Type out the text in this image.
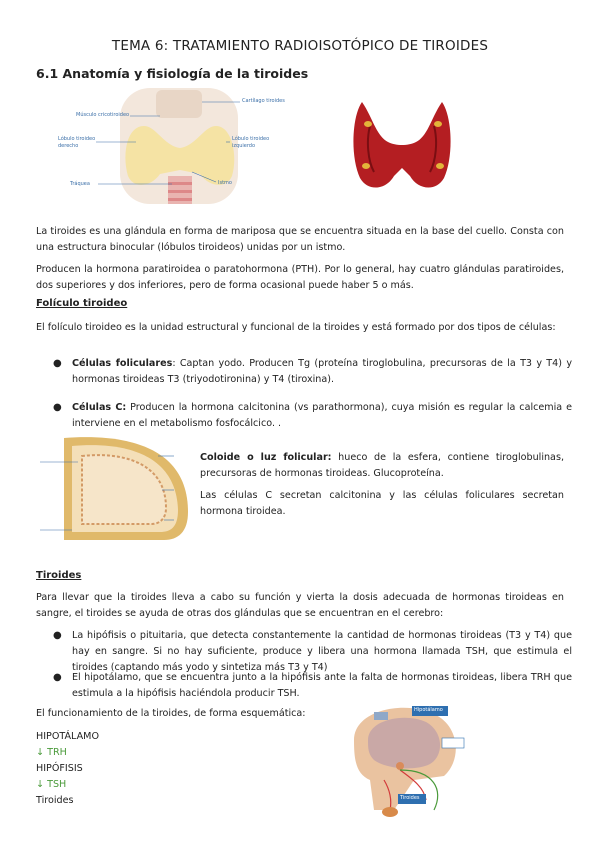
TEMA 6: TRATAMIENTO RADIOISOTÓPICO DE TIROIDES
6.1 Anatomía y fisiología de la tiroides
Cartílago tiroides
Músculo cricotiroideo
Lóbulo tiroideo derecho
Lóbulo tiroideo izquierdo
Tráquea	Istmo
La tiroides es una glándula en forma de mariposa que se encuentra situada en la base del cuello. Consta con una estructura binocular (lóbulos tiroideos) unidas por un istmo.
Producen la hormona paratiroidea o paratohormona (PTH). Por lo general, hay cuatro glándulas paratiroides, dos superiores y dos inferiores, pero de forma ocasional puede haber 5 o más.
Folículo tiroideo
El folículo tiroideo es la unidad estructural y funcional de la tiroides y está formado por dos tipos de células:
● Células foliculares: Captan yodo. Producen Tg (proteína tiroglobulina, precursoras de la T3 y T4) y hormonas tiroideas T3 (triyodotironina) y T4 (tiroxina).
● Células C: Producen la hormona calcitonina (vs parathormona), cuya misión es regular la calcemia e interviene en el metabolismo fosfocálcico. .
Coloide o luz folicular: hueco de la esfera, contiene tiroglobulinas, precursoras de hormonas tiroideas. Glucoproteína.
Las células C secretan calcitonina y las células foliculares secretan hormona tiroidea.
Tiroides
Para llevar que la tiroides lleva a cabo su función y vierta la dosis adecuada de hormonas tiroideas en sangre, el tiroides se ayuda de otras dos glándulas que se encuentran en el cerebro:
● La hipófisis o pituitaria, que detecta constantemente la cantidad de hormonas tiroideas (T3 y T4) que hay en sangre. Si no hay suficiente, produce y libera una hormona llamada TSH, que estimula el tiroides (captando más yodo y sintetiza más T3 y T4)
● El hipotálamo, que se encuentra junto a la hipófisis ante la falta de hormonas tiroideas, libera TRH que estimula a la hipófisis haciéndola producir TSH.
El funcionamiento de la tiroides, de forma esquemática:
HIPOTÁLAMO
↓ TRH
HIPÓFISIS
↓ TSH
Tiroides
Hipotálamo
Tiroides
